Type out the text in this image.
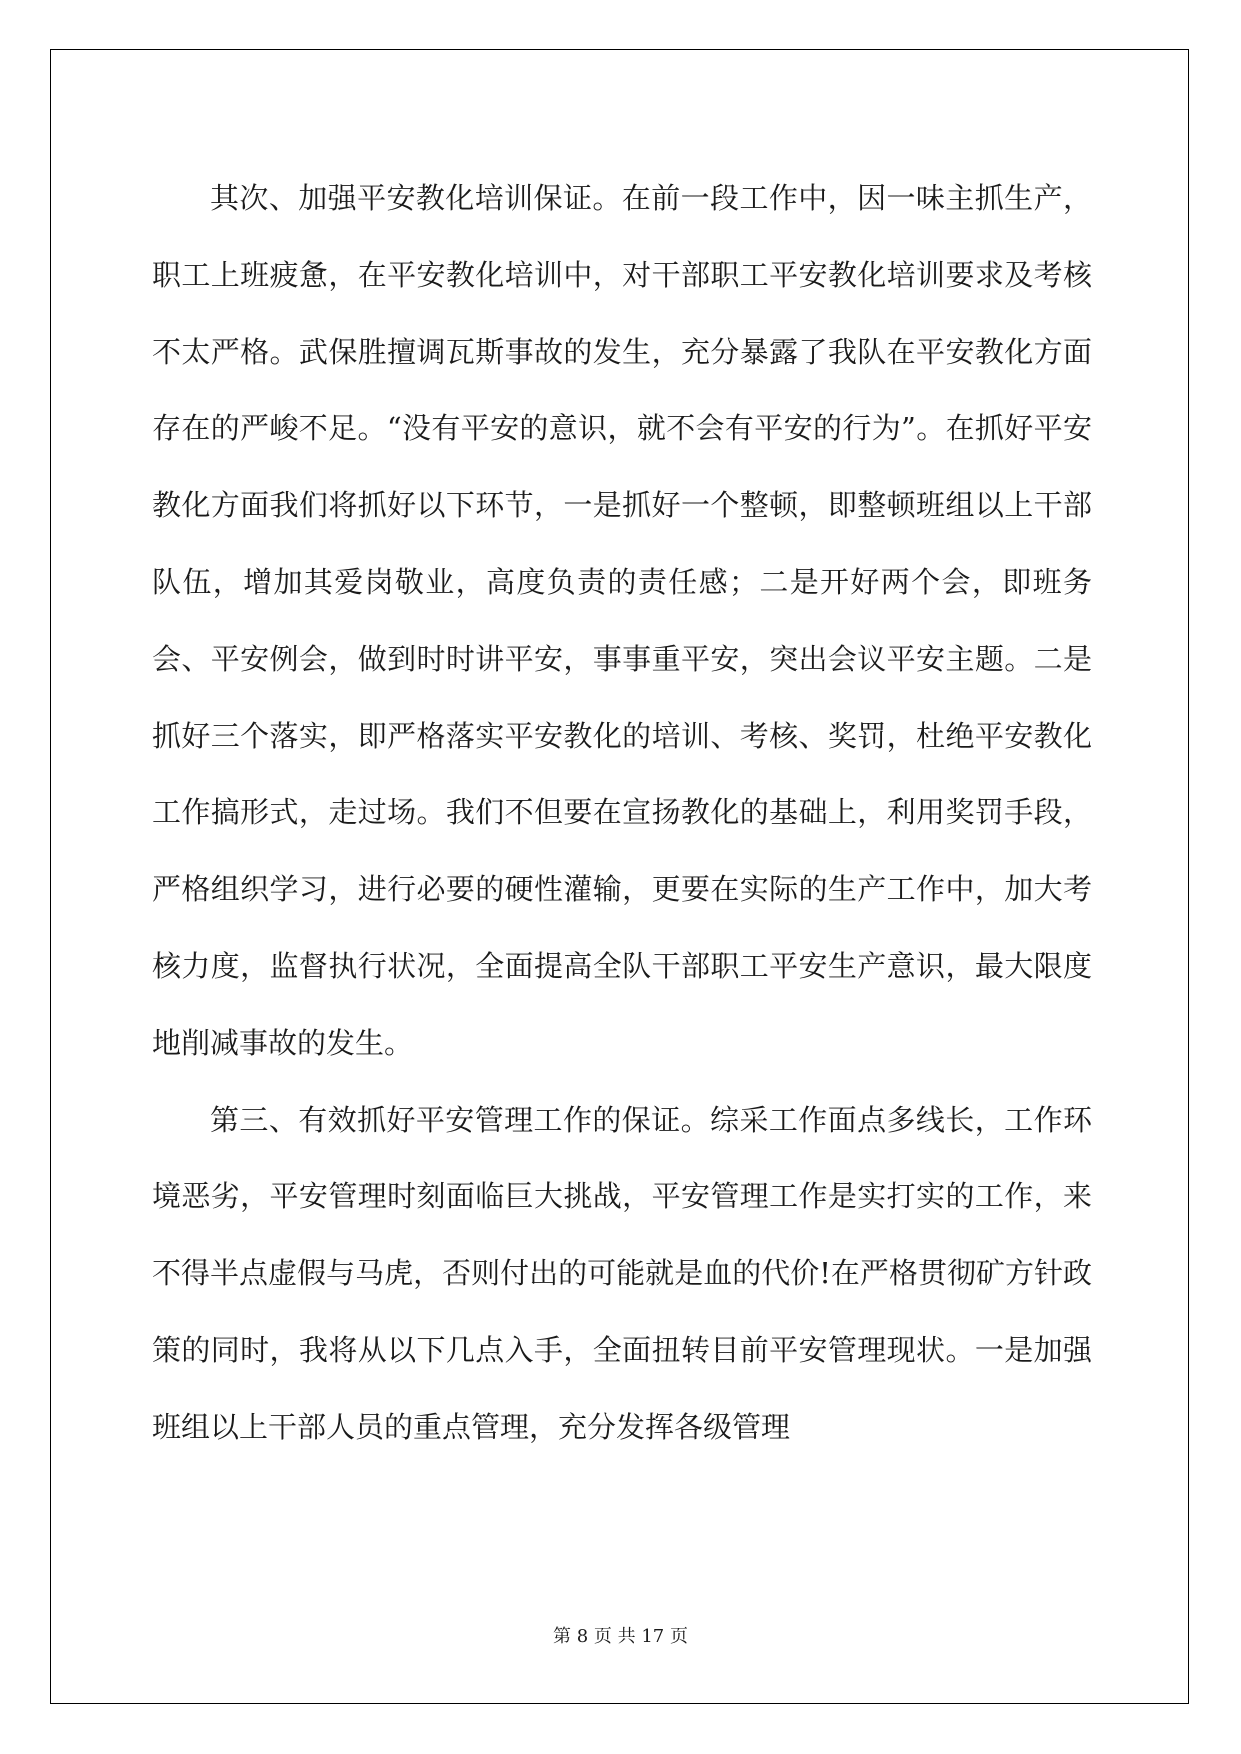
其次、加强平安教化培训保证。在前一段工作中，因一味主抓生产，职工上班疲惫，在平安教化培训中，对干部职工平安教化培训要求及考核不太严格。武保胜擅调瓦斯事故的发生，充分暴露了我队在平安教化方面存在的严峻不足。“没有平安的意识，就不会有平安的行为”。在抓好平安教化方面我们将抓好以下环节，一是抓好一个整顿，即整顿班组以上干部队伍，增加其爱岗敬业，高度负责的责任感；二是开好两个会，即班务会、平安例会，做到时时讲平安，事事重平安，突出会议平安主题。二是抓好三个落实，即严格落实平安教化的培训、考核、奖罚，杜绝平安教化工作搞形式，走过场。我们不但要在宣扬教化的基础上，利用奖罚手段，严格组织学习，进行必要的硬性灌输，更要在实际的生产工作中，加大考核力度，监督执行状况，全面提高全队干部职工平安生产意识，最大限度地削减事故的发生。

第三、有效抓好平安管理工作的保证。综采工作面点多线长，工作环境恶劣，平安管理时刻面临巨大挑战，平安管理工作是实打实的工作，来不得半点虚假与马虎，否则付出的可能就是血的代价!在严格贯彻矿方针政策的同时，我将从以下几点入手，全面扭转目前平安管理现状。一是加强班组以上干部人员的重点管理，充分发挥各级管理

第 8 页 共 17 页
